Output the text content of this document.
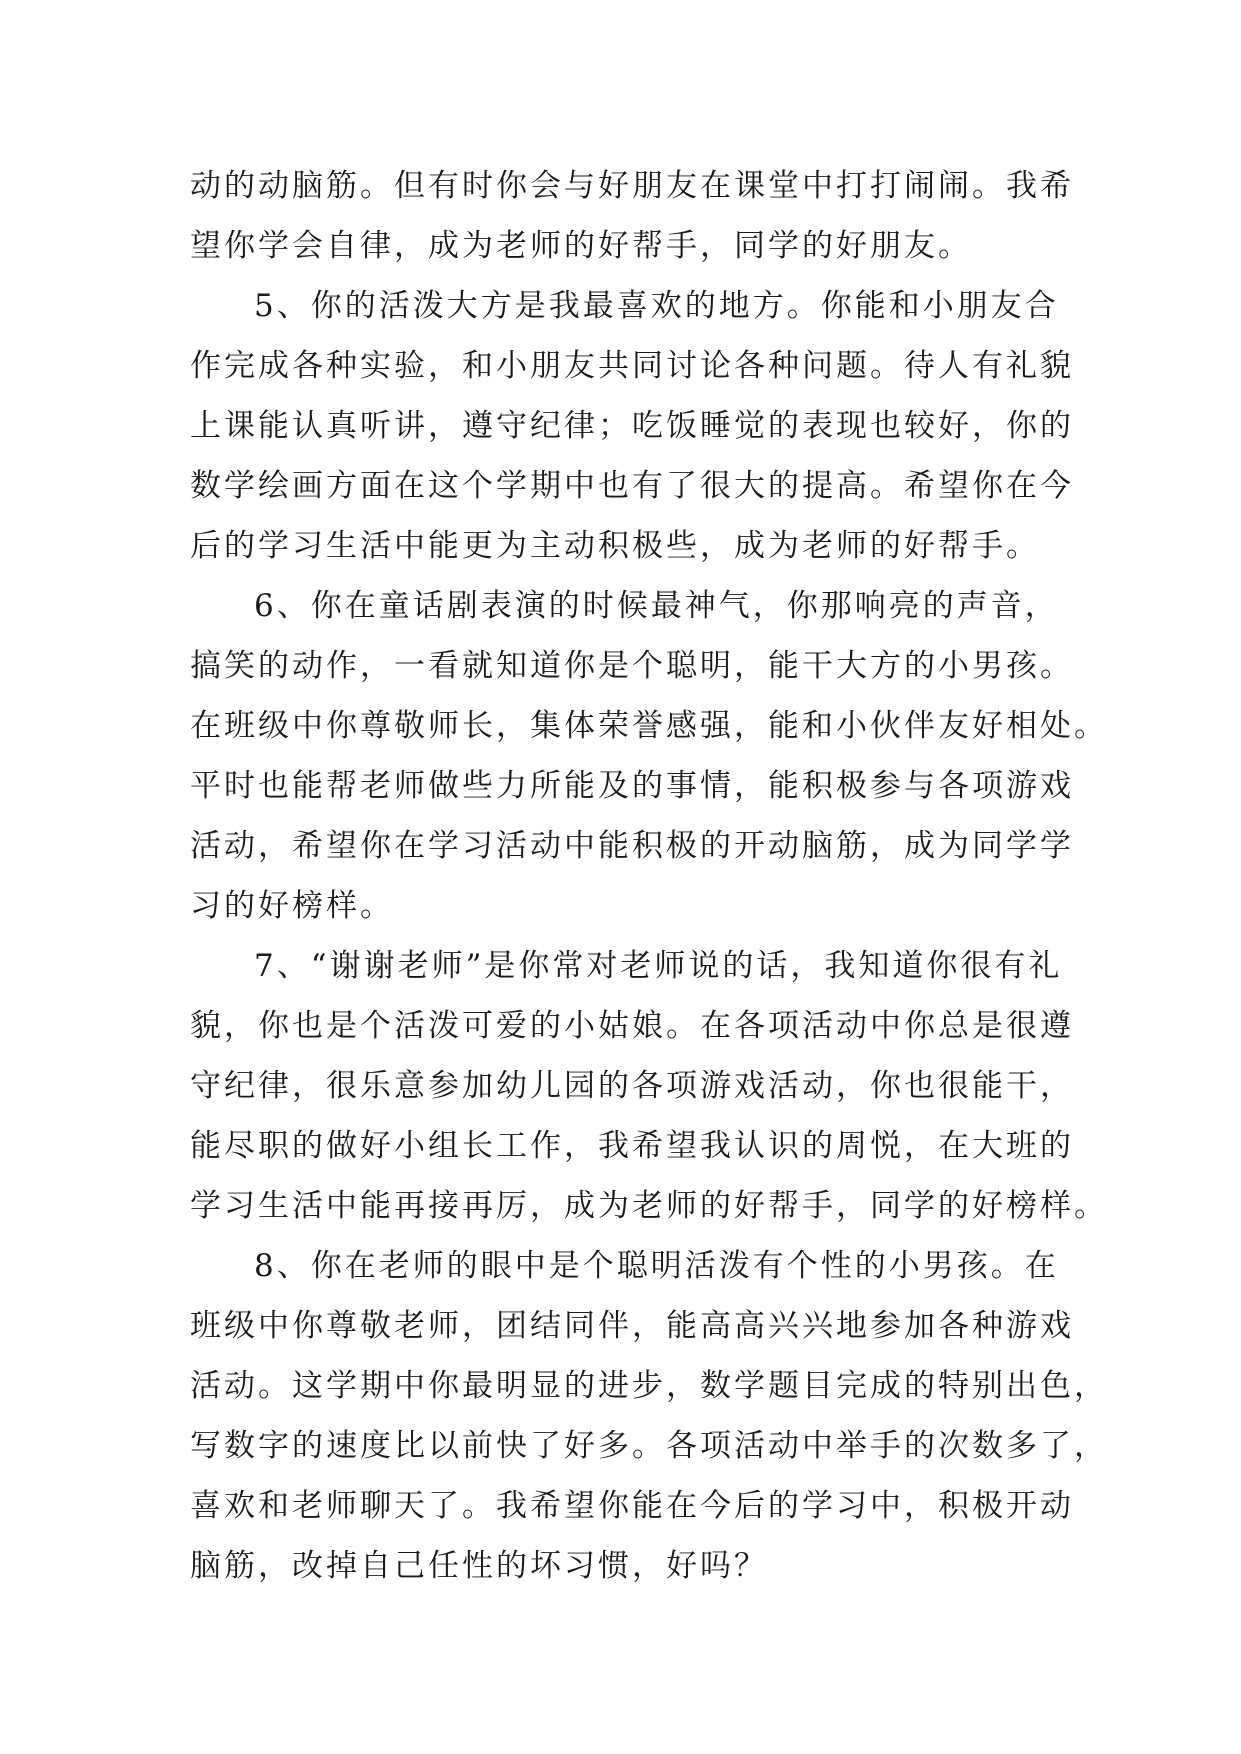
动的动脑筋。但有时你会与好朋友在课堂中打打闹闹。我希
望你学会自律，成为老师的好帮手，同学的好朋友。
5、你的活泼大方是我最喜欢的地方。你能和小朋友合
作完成各种实验，和小朋友共同讨论各种问题。待人有礼貌
上课能认真听讲，遵守纪律；吃饭睡觉的表现也较好，你的
数学绘画方面在这个学期中也有了很大的提高。希望你在今
后的学习生活中能更为主动积极些，成为老师的好帮手。
6、你在童话剧表演的时候最神气，你那响亮的声音，
搞笑的动作，一看就知道你是个聪明，能干大方的小男孩。
在班级中你尊敬师长，集体荣誉感强，能和小伙伴友好相处。
平时也能帮老师做些力所能及的事情，能积极参与各项游戏
活动，希望你在学习活动中能积极的开动脑筋，成为同学学
习的好榜样。
7、“谢谢老师”是你常对老师说的话，我知道你很有礼
貌，你也是个活泼可爱的小姑娘。在各项活动中你总是很遵
守纪律，很乐意参加幼儿园的各项游戏活动，你也很能干，
能尽职的做好小组长工作，我希望我认识的周悦，在大班的
学习生活中能再接再厉，成为老师的好帮手，同学的好榜样。
8、你在老师的眼中是个聪明活泼有个性的小男孩。在
班级中你尊敬老师，团结同伴，能高高兴兴地参加各种游戏
活动。这学期中你最明显的进步，数学题目完成的特别出色，
写数字的速度比以前快了好多。各项活动中举手的次数多了，
喜欢和老师聊天了。我希望你能在今后的学习中，积极开动
脑筋，改掉自己任性的坏习惯，好吗？
